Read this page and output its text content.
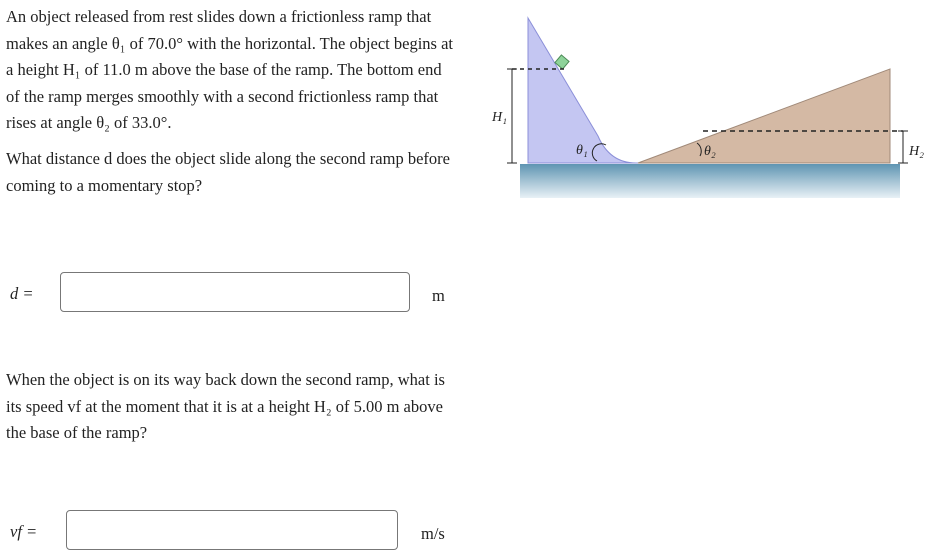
An object released from rest slides down a frictionless ramp that makes an angle θ₁ of 70.0° with the horizontal. The object begins at a height H₁ of 11.0 m above the base of the ramp. The bottom end of the ramp merges smoothly with a second frictionless ramp that rises at angle θ₂ of 33.0°.

What distance d does the object slide along the second ramp before coming to a momentary stop?

d =	m

When the object is on its way back down the second ramp, what is its speed vf at the moment that it is at a height H₂ of 5.00 m above the base of the ramp?

vf =	m/s
H₁
H₂
θ₁	θ₂
